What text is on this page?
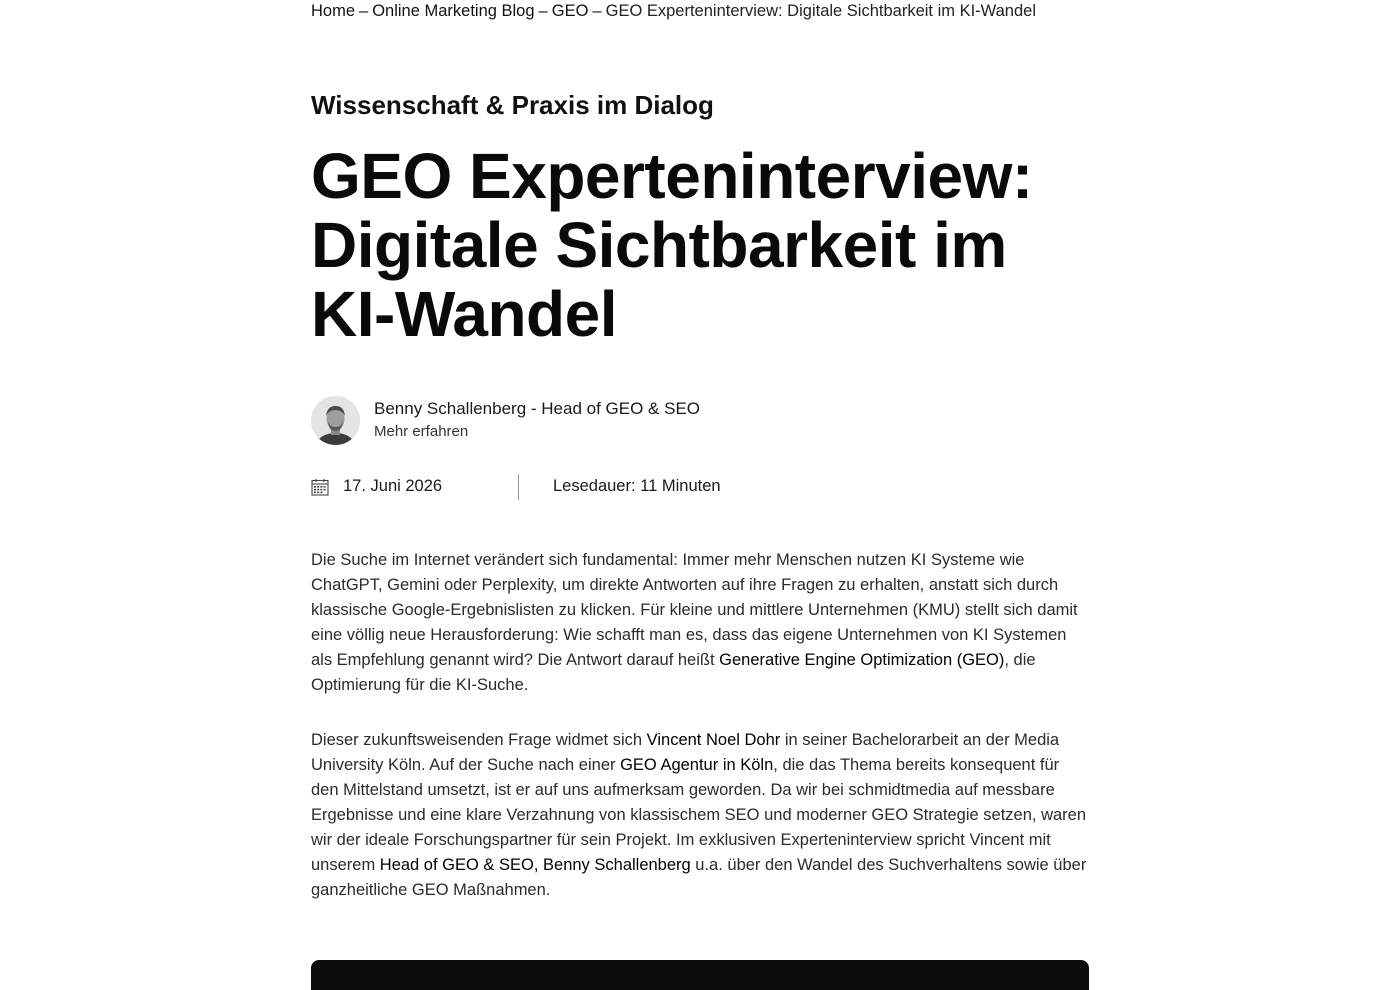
Home – Online Marketing Blog – GEO – GEO Experteninterview: Digitale Sichtbarkeit im KI-Wandel
Wissenschaft & Praxis im Dialog
GEO Experteninterview: Digitale Sichtbarkeit im KI-Wandel
Benny Schallenberg - Head of GEO & SEO
Mehr erfahren
17. Juni 2026	Lesedauer: 11 Minuten

Die Suche im Internet verändert sich fundamental: Immer mehr Menschen nutzen KI Systeme wie ChatGPT, Gemini oder Perplexity, um direkte Antworten auf ihre Fragen zu erhalten, anstatt sich durch klassische Google-Ergebnislisten zu klicken. Für kleine und mittlere Unternehmen (KMU) stellt sich damit eine völlig neue Herausforderung: Wie schafft man es, dass das eigene Unternehmen von KI Systemen als Empfehlung genannt wird? Die Antwort darauf heißt Generative Engine Optimization (GEO), die Optimierung für die KI-Suche.

Dieser zukunftsweisenden Frage widmet sich Vincent Noel Dohr in seiner Bachelorarbeit an der Media University Köln. Auf der Suche nach einer GEO Agentur in Köln, die das Thema bereits konsequent für den Mittelstand umsetzt, ist er auf uns aufmerksam geworden. Da wir bei schmidtmedia auf messbare Ergebnisse und eine klare Verzahnung von klassischem SEO und moderner GEO Strategie setzen, waren wir der ideale Forschungspartner für sein Projekt. Im exklusiven Experteninterview spricht Vincent mit unserem Head of GEO & SEO, Benny Schallenberg u.a. über den Wandel des Suchverhaltens sowie über ganzheitliche GEO Maßnahmen.
